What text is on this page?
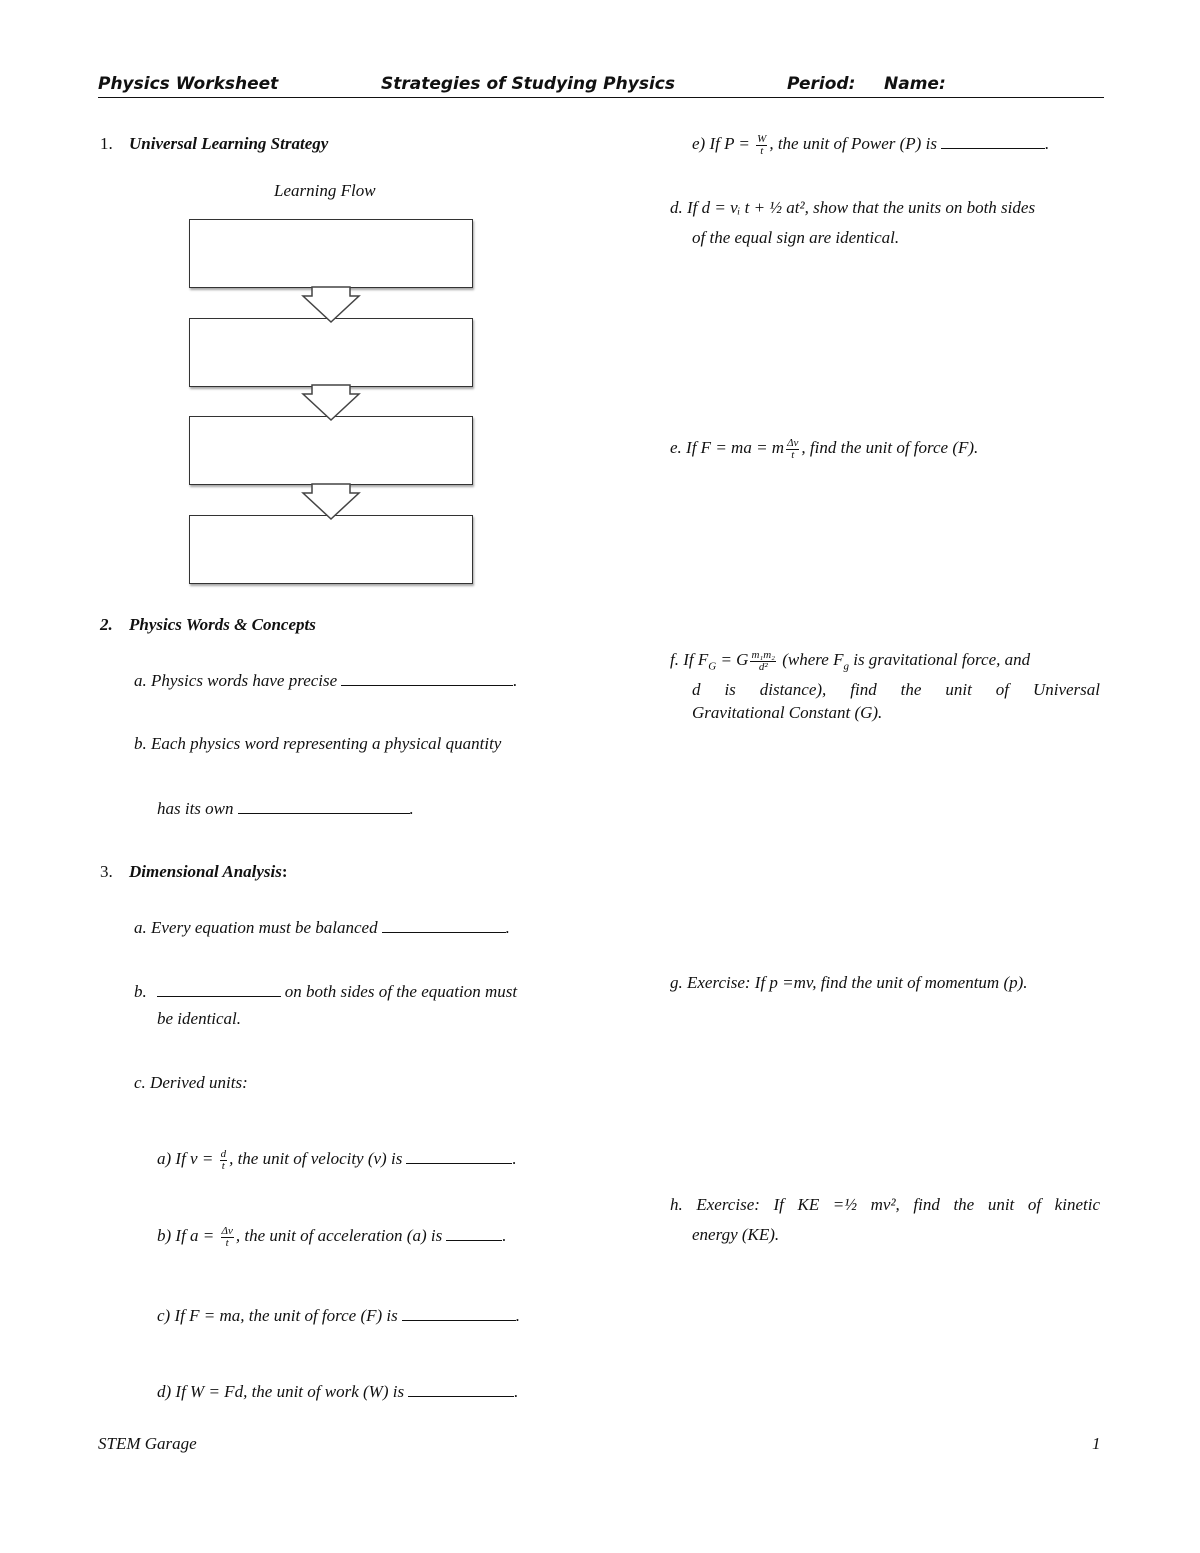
Physics Worksheet	Strategies of Studying Physics	Period: Name:
1. Universal Learning Strategy
Learning Flow
2. Physics Words & Concepts
a. Physics words have precise	.
b. Each physics word representing a physical quantity
has its own	.
3. Dimensional Analysis:
a. Every equation must be balanced	.
b.	on both sides of the equation must
be identical.
c. Derived units:
a) If $v = \frac{d}{t}$ , the unit of velocity (v) is	.
b) If $a = \frac{\Delta v}{t}$ , the unit of acceleration (a) is	.
c) If F = ma, the unit of force (F) is	.
d) If W = Fd, the unit of work (W) is	.
e) If $P = \frac{W}{t}$ , the unit of Power (P) is	.
d. If d = vᵢ t + ½ at², show that the units on both sides
of the equal sign are identical.
e. If F = ma = m $\frac{\Delta v}{t}$ , find the unit of force (F).
f. If $F_G = G \frac{\text{m₁m₂}}{\text{d²}}$ (where $F_g$ is gravitational force, and
d is distance), find the unit of Universal
Gravitational Constant (G).
g. Exercise: If p =mv, find the unit of momentum (p).
h. Exercise: If KE =½ mv², find the unit of kinetic
energy (KE).
STEM Garage	1
